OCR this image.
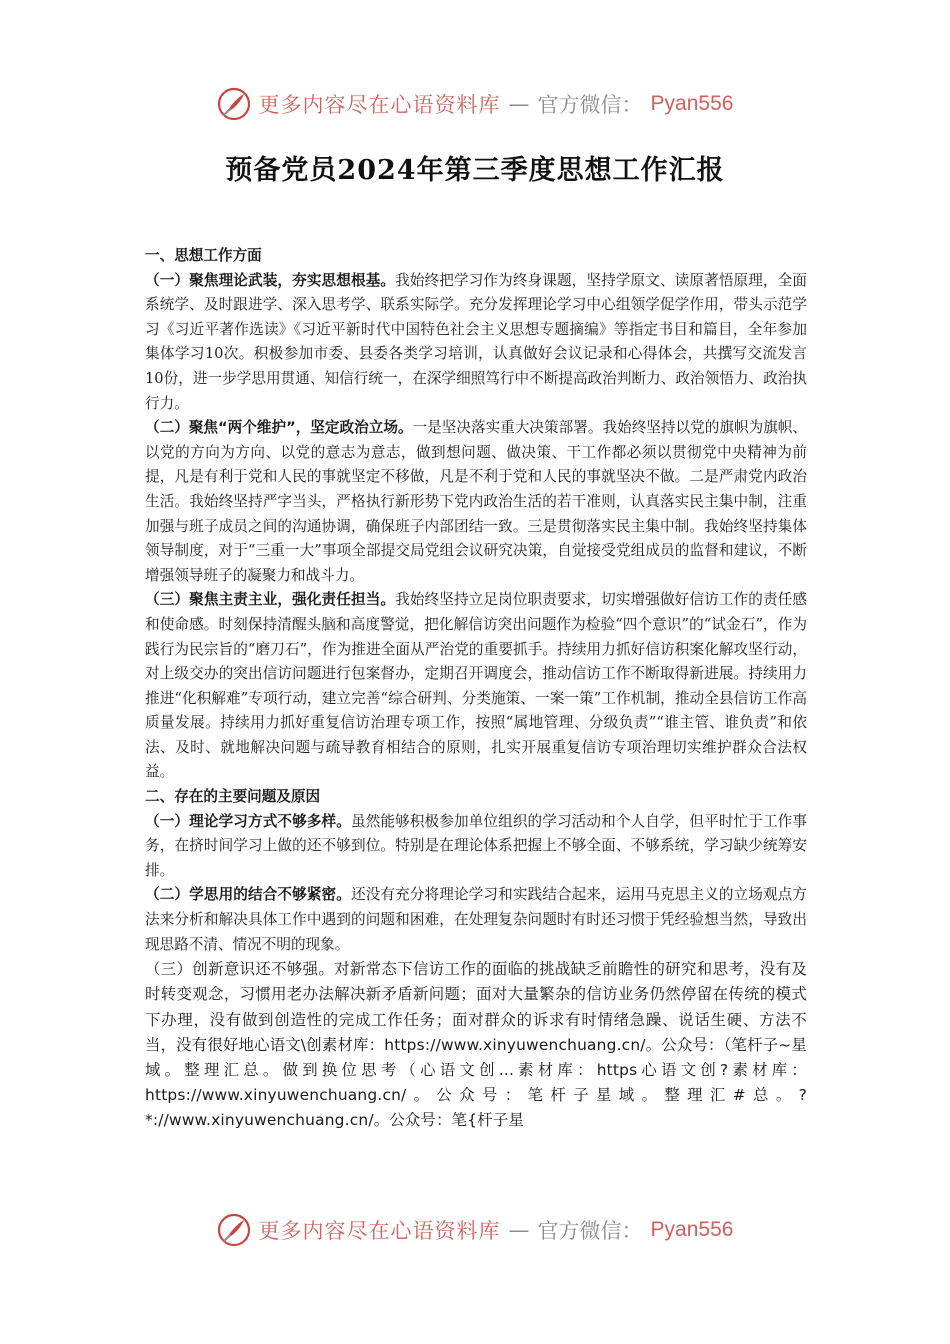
更多内容尽在心语资料库 — 官方微信： Pyan556
预备党员2024年第三季度思想工作汇报

一、思想工作方面

（一）聚焦理论武装，夯实思想根基。我始终把学习作为终身课题，坚持学原文、读原著悟原理，全面系统学、及时跟进学、深入思考学、联系实际学。充分发挥理论学习中心组领学促学作用，带头示范学习《习近平著作选读》《习近平新时代中国特色社会主义思想专题摘编》等指定书目和篇目，全年参加集体学习10次。积极参加市委、县委各类学习培训，认真做好会议记录和心得体会，共撰写交流发言10份，进一步学思用贯通、知信行统一，在深学细照笃行中不断提高政治判断力、政治领悟力、政治执行力。

（二）聚焦“两个维护”，坚定政治立场。一是坚决落实重大决策部署。我始终坚持以党的旗帜为旗帜、以党的方向为方向、以党的意志为意志，做到想问题、做决策、干工作都必须以贯彻党中央精神为前提，凡是有利于党和人民的事就坚定不移做，凡是不利于党和人民的事就坚决不做。二是严肃党内政治生活。我始终坚持严字当头，严格执行新形势下党内政治生活的若干准则，认真落实民主集中制，注重加强与班子成员之间的沟通协调，确保班子内部团结一致。三是贯彻落实民主集中制。我始终坚持集体领导制度，对于“三重一大”事项全部提交局党组会议研究决策，自觉接受党组成员的监督和建议，不断增强领导班子的凝聚力和战斗力。

（三）聚焦主责主业，强化责任担当。我始终坚持立足岗位职责要求，切实增强做好信访工作的责任感和使命感。时刻保持清醒头脑和高度警觉，把化解信访突出问题作为检验“四个意识”的“试金石”，作为践行为民宗旨的“磨刀石”，作为推进全面从严治党的重要抓手。持续用力抓好信访积案化解攻坚行动，对上级交办的突出信访问题进行包案督办，定期召开调度会，推动信访工作不断取得新进展。持续用力推进“化积解难”专项行动，建立完善“综合研判、分类施策、一案一策”工作机制，推动全县信访工作高质量发展。持续用力抓好重复信访治理专项工作，按照“属地管理、分级负责”“谁主管、谁负责”和依法、及时、就地解决问题与疏导教育相结合的原则，扎实开展重复信访专项治理切实维护群众合法权益。

二、存在的主要问题及原因

（一）理论学习方式不够多样。虽然能够积极参加单位组织的学习活动和个人自学，但平时忙于工作事务，在挤时间学习上做的还不够到位。特别是在理论体系把握上不够全面、不够系统，学习缺少统筹安排。

（二）学思用的结合不够紧密。还没有充分将理论学习和实践结合起来，运用马克思主义的立场观点方法来分析和解决具体工作中遇到的问题和困难，在处理复杂问题时有时还习惯于凭经验想当然，导致出现思路不清、情况不明的现象。

（三）创新意识还不够强。对新常态下信访工作的面临的挑战缺乏前瞻性的研究和思考，没有及时转变观念，习惯用老办法解决新矛盾新问题；面对大量繁杂的信访业务仍然停留在传统的模式下办理，没有做到创造性的完成工作任务；面对群众的诉求有时情绪急躁、说话生硬、方法不当，没有很好地心语文\创素材库：https://www.xinyuwenchuang.cn/。公众号：（笔杆子~星域。整理汇总。做到换位思考（心语文创...素材库：https心语文创?素材库：https://www.xinyuwenchuang.cn/。公众号：笔杆子星域。整理汇#总。?*://www.xinyuwenchuang.cn/。公众号：笔{杆子星

更多内容尽在心语资料库 — 官方微信： Pyan556
